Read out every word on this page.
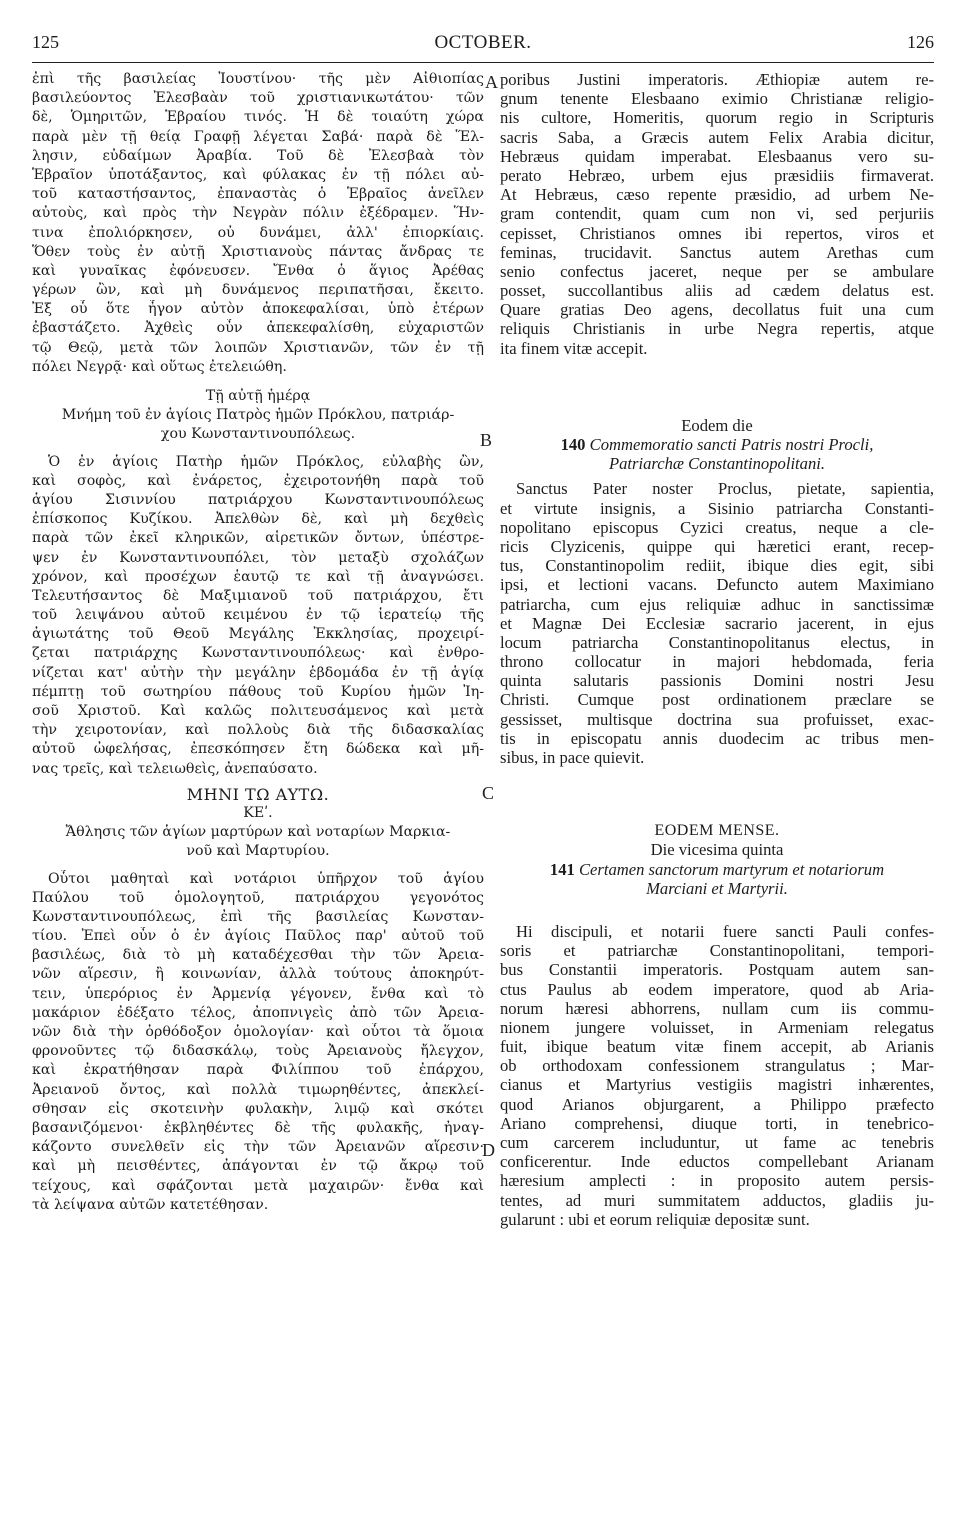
125	OCTOBER.	126
A
B
C
D
ἐπὶ τῆς βασιλείας Ἰουστίνου· τῆς μὲν Αἰθιοπίας
βασιλεύοντος Ἐλεσβαὰν τοῦ χριστιανικωτάτου· τῶν
δὲ, Ὁμηριτῶν, Ἑβραίου τινός. Ἡ δὲ τοιαύτη χώρα
παρὰ μὲν τῇ θείᾳ Γραφῇ λέγεται Σαβά· παρὰ δὲ Ἕλ-
λησιν, εὐδαίμων Ἀραβία. Τοῦ δὲ Ἐλεσβαὰ τὸν
Ἑβραῖον ὑποτάξαντος, καὶ φύλακας ἐν τῇ πόλει αὐ-
τοῦ καταστήσαντος, ἐπαναστὰς ὁ Ἑβραῖος ἀνεῖλεν
αὐτοὺς, καὶ πρὸς τὴν Νεγρὰν πόλιν ἐξέδραμεν. Ἥν-
τινα ἐπολιόρκησεν, οὐ δυνάμει, ἀλλ' ἐπιορκίαις.
Ὅθεν τοὺς ἐν αὐτῇ Χριστιανοὺς πάντας ἄνδρας τε
καὶ γυναῖκας ἐφόνευσεν. Ἔνθα ὁ ἅγιος Ἀρέθας
γέρων ὢν, καὶ μὴ δυνάμενος περιπατῆσαι, ἔκειτο.
Ἐξ οὗ ὅτε ἦγον αὐτὸν ἀποκεφαλίσαι, ὑπὸ ἑτέρων
ἐβαστάζετο. Ἀχθεὶς οὖν ἀπεκεφαλίσθη, εὐχαριστῶν
τῷ Θεῷ, μετὰ τῶν λοιπῶν Χριστιανῶν, τῶν ἐν τῇ
πόλει Νεγρᾷ· καὶ οὕτως ἐτελειώθη.
Τῇ αὐτῇ ἡμέρᾳ
Μνήμη τοῦ ἐν ἁγίοις Πατρὸς ἡμῶν Πρόκλου, πατριάρ-
χου Κωνσταντινουπόλεως.
Ὁ ἐν ἁγίοις Πατὴρ ἡμῶν Πρόκλος, εὐλαβὴς ὢν,
καὶ σοφὸς, καὶ ἐνάρετος, ἐχειροτονήθη παρὰ τοῦ
ἁγίου Σισιννίου πατριάρχου Κωνσταντινουπόλεως
ἐπίσκοπος Κυζίκου. Ἀπελθὼν δὲ, καὶ μὴ δεχθεὶς
παρὰ τῶν ἐκεῖ κληρικῶν, αἱρετικῶν ὄντων, ὑπέστρε-
ψεν ἐν Κωνσταντινουπόλει, τὸν μεταξὺ σχολάζων
χρόνον, καὶ προσέχων ἑαυτῷ τε καὶ τῇ ἀναγνώσει.
Τελευτήσαντος δὲ Μαξιμιανοῦ τοῦ πατριάρχου, ἔτι
τοῦ λειψάνου αὐτοῦ κειμένου ἐν τῷ ἱερατείῳ τῆς
ἁγιωτάτης τοῦ Θεοῦ Μεγάλης Ἐκκλησίας, προχειρί-
ζεται πατριάρχης Κωνσταντινουπόλεως· καὶ ἐνθρο-
νίζεται κατ' αὐτὴν τὴν μεγάλην ἑβδομάδα ἐν τῇ ἁγίᾳ
πέμπτῃ τοῦ σωτηρίου πάθους τοῦ Κυρίου ἡμῶν Ἰη-
σοῦ Χριστοῦ. Καὶ καλῶς πολιτευσάμενος καὶ μετὰ
τὴν χειροτονίαν, καὶ πολλοὺς διὰ τῆς διδασκαλίας
αὐτοῦ ὠφελήσας, ἐπεσκόπησεν ἔτη δώδεκα καὶ μῆ-
νας τρεῖς, καὶ τελειωθεὶς, ἀνεπαύσατο.
ΜΗΝΙ ΤΩ ΑΥΤΩ.
ΚΕʹ.
Ἄθλησις τῶν ἁγίων μαρτύρων καὶ νοταρίων Μαρκια-
νοῦ καὶ Μαρτυρίου.
Οὗτοι μαθηταὶ καὶ νοτάριοι ὑπῆρχον τοῦ ἁγίου
Παύλου τοῦ ὁμολογητοῦ, πατριάρχου γεγονότος
Κωνσταντινουπόλεως, ἐπὶ τῆς βασιλείας Κωνσταν-
τίου. Ἐπεὶ οὖν ὁ ἐν ἁγίοις Παῦλος παρ' αὐτοῦ τοῦ
βασιλέως, διὰ τὸ μὴ καταδέχεσθαι τὴν τῶν Ἀρεια-
νῶν αἵρεσιν, ἢ κοινωνίαν, ἀλλὰ τούτους ἀποκηρύτ-
τειν, ὑπερόριος ἐν Ἀρμενίᾳ γέγονεν, ἔνθα καὶ τὸ
μακάριον ἐδέξατο τέλος, ἀποπνιγεὶς ἀπὸ τῶν Ἀρεια-
νῶν διὰ τὴν ὀρθόδοξον ὁμολογίαν· καὶ οὗτοι τὰ ὅμοια
φρονοῦντες τῷ διδασκάλῳ, τοὺς Ἀρειανοὺς ἤλεγχον,
καὶ ἐκρατήθησαν παρὰ Φιλίππου τοῦ ἐπάρχου,
Ἀρειανοῦ ὄντος, καὶ πολλὰ τιμωρηθέντες, ἀπεκλεί-
σθησαν εἰς σκοτεινὴν φυλακὴν, λιμῷ καὶ σκότει
βασανιζόμενοι· ἐκβληθέντες δὲ τῆς φυλακῆς, ἠναγ-
κάζοντο συνελθεῖν εἰς τὴν τῶν Ἀρειανῶν αἵρεσιν·
καὶ μὴ πεισθέντες, ἀπάγονται ἐν τῷ ἄκρῳ τοῦ
τείχους, καὶ σφάζονται μετὰ μαχαιρῶν· ἔνθα καὶ
τὰ λείψανα αὐτῶν κατετέθησαν.
poribus Justini imperatoris. Æthiopiæ autem re-
gnum tenente Elesbaano eximio Christianæ religio-
nis cultore, Homeritis, quorum regio in Scripturis
sacris Saba, a Græcis autem Felix Arabia dicitur,
Hebræus quidam imperabat. Elesbaanus vero su-
perato Hebræo, urbem ejus præsidiis firmaverat.
At Hebræus, cæso repente præsidio, ad urbem Ne-
gram contendit, quam cum non vi, sed perjuriis
cepisset, Christianos omnes ibi repertos, viros et
feminas, trucidavit. Sanctus autem Arethas cum
senio confectus jaceret, neque per se ambulare
posset, succollantibus aliis ad cædem delatus est.
Quare gratias Deo agens, decollatus fuit una cum
reliquis Christianis in urbe Negra repertis, atque
ita finem vitæ accepit.
Eodem die
140 Commemoratio sancti Patris nostri Procli,
Patriarchæ Constantinopolitani.
Sanctus Pater noster Proclus, pietate, sapientia,
et virtute insignis, a Sisinio patriarcha Constanti-
nopolitano episcopus Cyzici creatus, neque a cle-
ricis Clyzicenis, quippe qui hæretici erant, recep-
tus, Constantinopolim rediit, ibique dies egit, sibi
ipsi, et lectioni vacans. Defuncto autem Maximiano
patriarcha, cum ejus reliquiæ adhuc in sanctissimæ
et Magnæ Dei Ecclesiæ sacrario jacerent, in ejus
locum patriarcha Constantinopolitanus electus, in
throno collocatur in majori hebdomada, feria
quinta salutaris passionis Domini nostri Jesu
Christi. Cumque post ordinationem præclare se
gessisset, multisque doctrina sua profuisset, exac-
tis in episcopatu annis duodecim ac tribus men-
sibus, in pace quievit.
EODEM MENSE.
Die vicesima quinta
141 Certamen sanctorum martyrum et notariorum
Marciani et Martyrii.
Hi discipuli, et notarii fuere sancti Pauli confes-
soris et patriarchæ Constantinopolitani, tempori-
bus Constantii imperatoris. Postquam autem san-
ctus Paulus ab eodem imperatore, quod ab Aria-
norum hæresi abhorrens, nullam cum iis commu-
nionem jungere voluisset, in Armeniam relegatus
fuit, ibique beatum vitæ finem accepit, ab Arianis
ob orthodoxam confessionem strangulatus ; Mar-
cianus et Martyrius vestigiis magistri inhærentes,
quod Arianos objurgarent, a Philippo præfecto
Ariano comprehensi, diuque torti, in tenebrico-
cum carcerem includuntur, ut fame ac tenebris
conficerentur. Inde eductos compellebant Arianam
hæresium amplecti : in proposito autem persis-
tentes, ad muri summitatem adductos, gladiis ju-
gularunt : ubi et eorum reliquiæ depositæ sunt.
